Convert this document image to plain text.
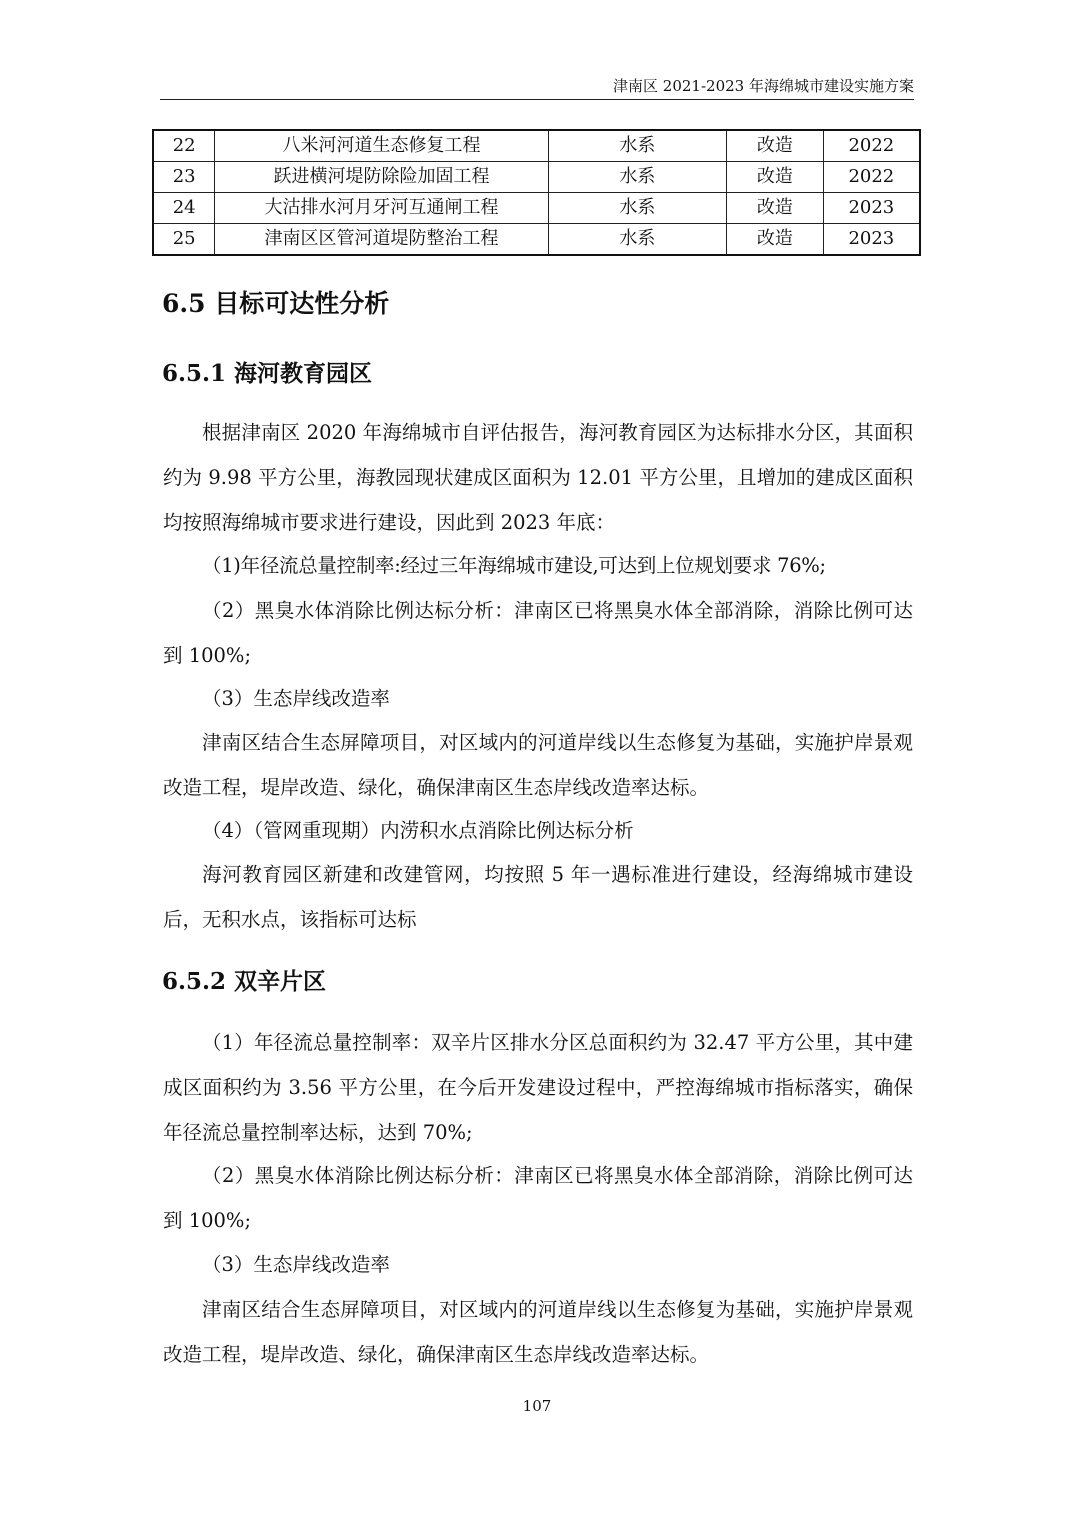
津南区 2021-2023 年海绵城市建设实施方案
22	八米河河道生态修复工程	水系	改造	2022
23	跃进横河堤防除险加固工程	水系	改造	2022
24	大沽排水河月牙河互通闸工程	水系	改造	2023
25	津南区区管河道堤防整治工程	水系	改造	2023
6.5 目标可达性分析
6.5.1 海河教育园区

根据津南区 2020 年海绵城市自评估报告，海河教育园区为达标排水分区，其面积约为 9.98 平方公里，海教园现状建成区面积为 12.01 平方公里，且增加的建成区面积均按照海绵城市要求进行建设，因此到 2023 年底：

（1)年径流总量控制率:经过三年海绵城市建设,可达到上位规划要求 76%;

（2）黑臭水体消除比例达标分析：津南区已将黑臭水体全部消除，消除比例可达到 100%;

（3）生态岸线改造率

津南区结合生态屏障项目，对区域内的河道岸线以生态修复为基础，实施护岸景观改造工程，堤岸改造、绿化，确保津南区生态岸线改造率达标。

（4）（管网重现期）内涝积水点消除比例达标分析

海河教育园区新建和改建管网，均按照 5 年一遇标准进行建设，经海绵城市建设后，无积水点，该指标可达标

6.5.2 双辛片区

（1）年径流总量控制率：双辛片区排水分区总面积约为 32.47 平方公里，其中建成区面积约为 3.56 平方公里，在今后开发建设过程中，严控海绵城市指标落实，确保年径流总量控制率达标，达到 70%;

（2）黑臭水体消除比例达标分析：津南区已将黑臭水体全部消除，消除比例可达到 100%;

（3）生态岸线改造率

津南区结合生态屏障项目，对区域内的河道岸线以生态修复为基础，实施护岸景观改造工程，堤岸改造、绿化，确保津南区生态岸线改造率达标。

107
